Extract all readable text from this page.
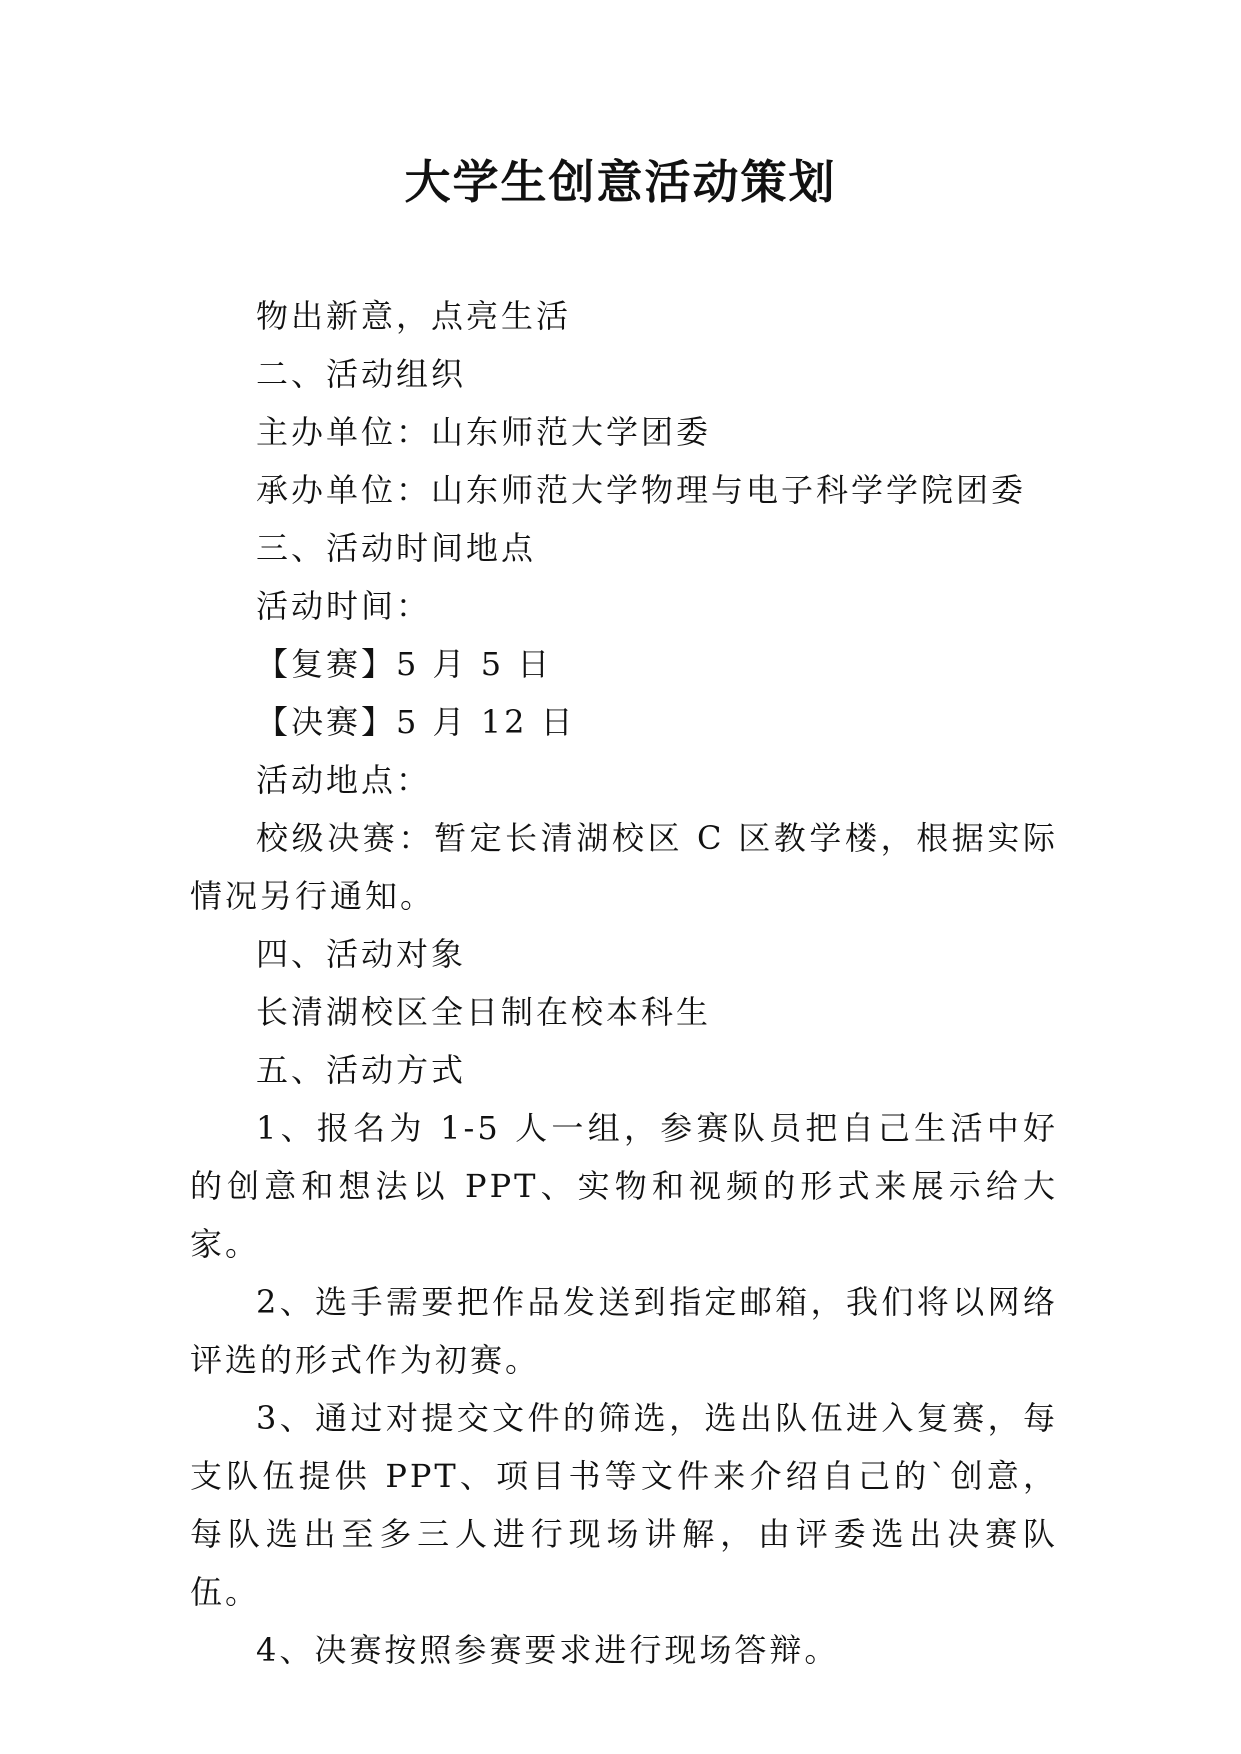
大学生创意活动策划

物出新意，点亮生活

二、活动组织

主办单位：山东师范大学团委

承办单位：山东师范大学物理与电子科学学院团委

三、活动时间地点

活动时间：

【复赛】5 月 5 日

【决赛】5 月 12 日

活动地点：

校级决赛：暂定长清湖校区 C 区教学楼，根据实际情况另行通知。

四、活动对象

长清湖校区全日制在校本科生

五、活动方式

1、报名为 1-5 人一组，参赛队员把自己生活中好的创意和想法以 PPT、实物和视频的形式来展示给大家。

2、选手需要把作品发送到指定邮箱，我们将以网络评选的形式作为初赛。

3、通过对提交文件的筛选，选出队伍进入复赛，每支队伍提供 PPT、项目书等文件来介绍自己的`创意，每队选出至多三人进行现场讲解，由评委选出决赛队伍。

4、决赛按照参赛要求进行现场答辩。
